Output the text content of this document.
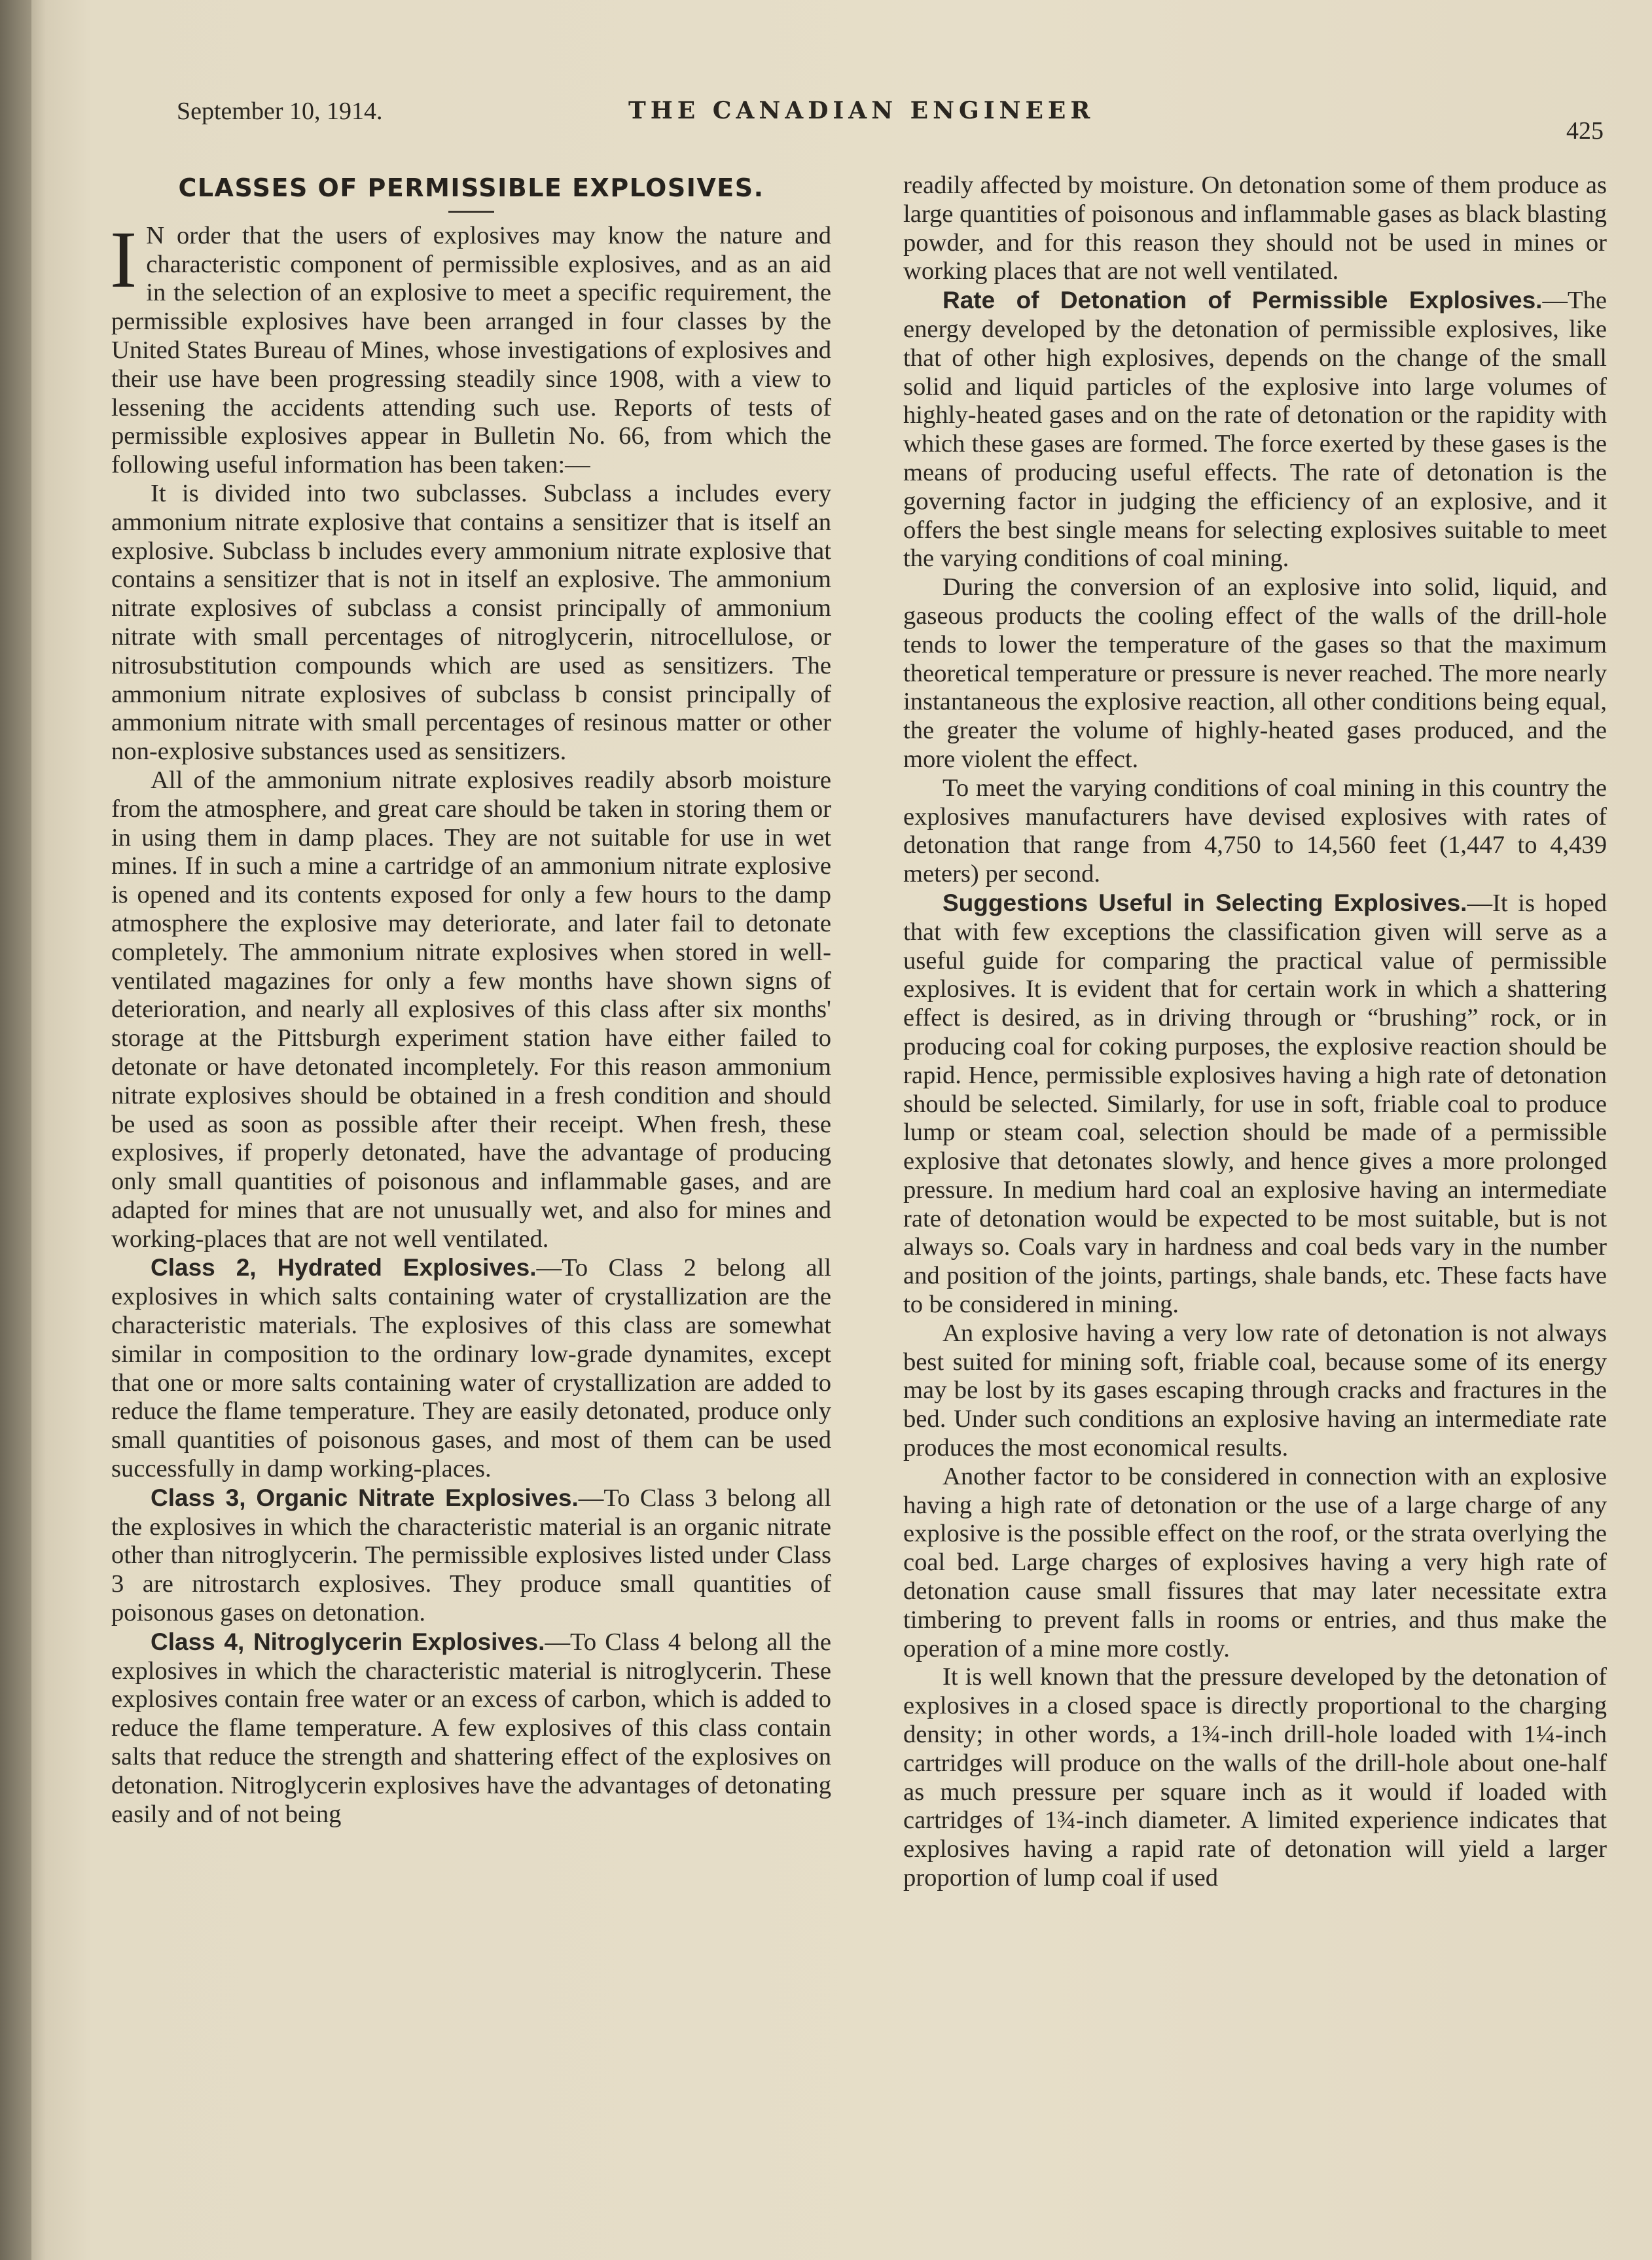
September 10, 1914.	THE CANADIAN ENGINEER
425
CLASSES OF PERMISSIBLE EXPLOSIVES.

I N order that the users of explosives may know the nature and characteristic component of permissible explosives, and as an aid in the selection of an explosive to meet a specific requirement, the permissible explosives have been arranged in four classes by the United States Bureau of Mines, whose investigations of explosives and their use have been progressing steadily since 1908, with a view to lessening the accidents attending such use. Reports of tests of permissible explosives appear in Bulletin No. 66, from which the following useful information has been taken:—

It is divided into two subclasses. Subclass a includes every ammonium nitrate explosive that contains a sensitizer that is itself an explosive. Subclass b includes every ammonium nitrate explosive that contains a sensitizer that is not in itself an explosive. The ammonium nitrate explosives of subclass a consist principally of ammonium nitrate with small percentages of nitroglycerin, nitrocellulose, or nitrosubstitution compounds which are used as sensitizers. The ammonium nitrate explosives of subclass b consist principally of ammonium nitrate with small percentages of resinous matter or other non-explosive substances used as sensitizers.

All of the ammonium nitrate explosives readily absorb moisture from the atmosphere, and great care should be taken in storing them or in using them in damp places. They are not suitable for use in wet mines. If in such a mine a cartridge of an ammonium nitrate explosive is opened and its contents exposed for only a few hours to the damp atmosphere the explosive may deteriorate, and later fail to detonate completely. The ammonium nitrate explosives when stored in well-ventilated magazines for only a few months have shown signs of deterioration, and nearly all explosives of this class after six months' storage at the Pittsburgh experiment station have either failed to detonate or have detonated incompletely. For this reason ammonium nitrate explosives should be obtained in a fresh condition and should be used as soon as possible after their receipt. When fresh, these explosives, if properly detonated, have the advantage of producing only small quantities of poisonous and inflammable gases, and are adapted for mines that are not unusually wet, and also for mines and working-places that are not well ventilated.

Class 2, Hydrated Explosives.—To Class 2 belong all explosives in which salts containing water of crystallization are the characteristic materials. The explosives of this class are somewhat similar in composition to the ordinary low-grade dynamites, except that one or more salts containing water of crystallization are added to reduce the flame temperature. They are easily detonated, produce only small quantities of poisonous gases, and most of them can be used successfully in damp working-places.

Class 3, Organic Nitrate Explosives.—To Class 3 belong all the explosives in which the characteristic material is an organic nitrate other than nitroglycerin. The permissible explosives listed under Class 3 are nitrostarch explosives. They produce small quantities of poisonous gases on detonation.

Class 4, Nitroglycerin Explosives.—To Class 4 belong all the explosives in which the characteristic material is nitroglycerin. These explosives contain free water or an excess of carbon, which is added to reduce the flame temperature. A few explosives of this class contain salts that reduce the strength and shattering effect of the explosives on detonation. Nitroglycerin explosives have the advantages of detonating easily and of not being

readily affected by moisture. On detonation some of them produce as large quantities of poisonous and inflammable gases as black blasting powder, and for this reason they should not be used in mines or working places that are not well ventilated.

Rate of Detonation of Permissible Explosives.—The energy developed by the detonation of permissible explosives, like that of other high explosives, depends on the change of the small solid and liquid particles of the explosive into large volumes of highly-heated gases and on the rate of detonation or the rapidity with which these gases are formed. The force exerted by these gases is the means of producing useful effects. The rate of detonation is the governing factor in judging the efficiency of an explosive, and it offers the best single means for selecting explosives suitable to meet the varying conditions of coal mining.

During the conversion of an explosive into solid, liquid, and gaseous products the cooling effect of the walls of the drill-hole tends to lower the temperature of the gases so that the maximum theoretical temperature or pressure is never reached. The more nearly instantaneous the explosive reaction, all other conditions being equal, the greater the volume of highly-heated gases produced, and the more violent the effect.

To meet the varying conditions of coal mining in this country the explosives manufacturers have devised explosives with rates of detonation that range from 4,750 to 14,560 feet (1,447 to 4,439 meters) per second.

Suggestions Useful in Selecting Explosives.—It is hoped that with few exceptions the classification given will serve as a useful guide for comparing the practical value of permissible explosives. It is evident that for certain work in which a shattering effect is desired, as in driving through or “brushing” rock, or in producing coal for coking purposes, the explosive reaction should be rapid. Hence, permissible explosives having a high rate of detonation should be selected. Similarly, for use in soft, friable coal to produce lump or steam coal, selection should be made of a permissible explosive that detonates slowly, and hence gives a more prolonged pressure. In medium hard coal an explosive having an intermediate rate of detonation would be expected to be most suitable, but is not always so. Coals vary in hardness and coal beds vary in the number and position of the joints, partings, shale bands, etc. These facts have to be considered in mining.

An explosive having a very low rate of detonation is not always best suited for mining soft, friable coal, because some of its energy may be lost by its gases escaping through cracks and fractures in the bed. Under such conditions an explosive having an intermediate rate produces the most economical results.

Another factor to be considered in connection with an explosive having a high rate of detonation or the use of a large charge of any explosive is the possible effect on the roof, or the strata overlying the coal bed. Large charges of explosives having a very high rate of detonation cause small fissures that may later necessitate extra timbering to prevent falls in rooms or entries, and thus make the operation of a mine more costly.

It is well known that the pressure developed by the detonation of explosives in a closed space is directly proportional to the charging density; in other words, a 1¾-inch drill-hole loaded with 1¼-inch cartridges will produce on the walls of the drill-hole about one-half as much pressure per square inch as it would if loaded with cartridges of 1¾-inch diameter. A limited experience indicates that explosives having a rapid rate of detonation will yield a larger proportion of lump coal if used
